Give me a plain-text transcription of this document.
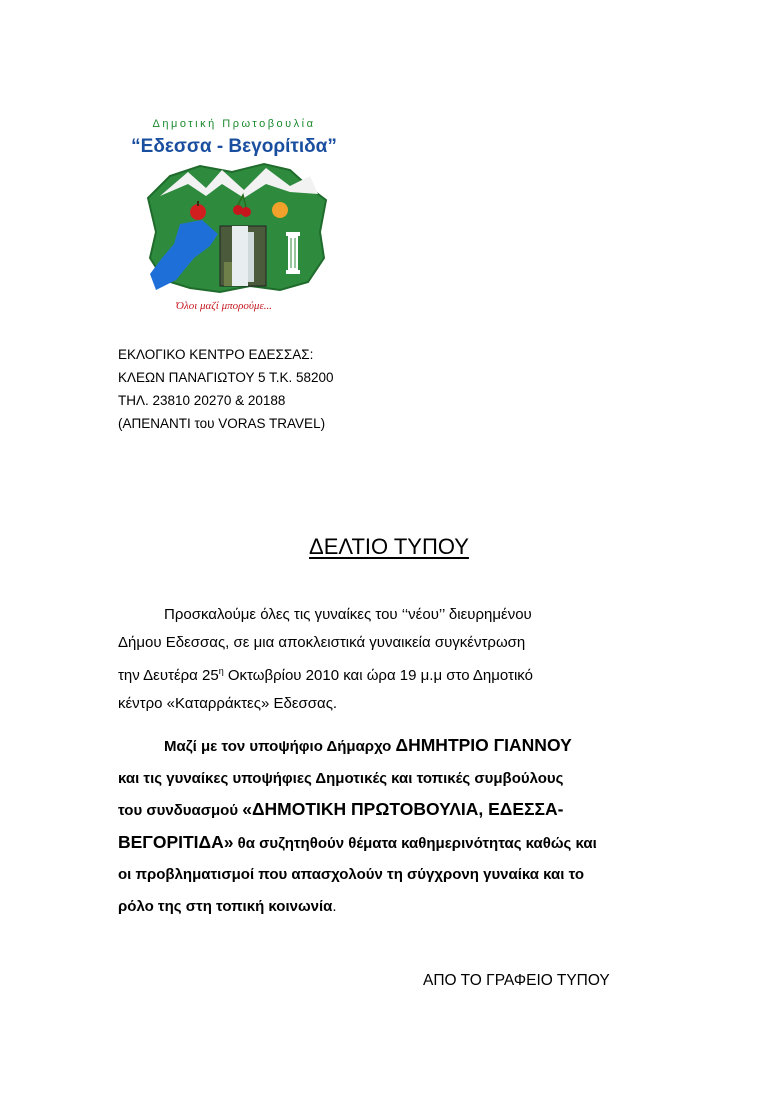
Δημοτική Πρωτοβουλία
“Εδεσσα - Βεγορίτιδα”
Όλοι μαζί μπορούμε...
ΕΚΛΟΓΙΚΟ ΚΕΝΤΡΟ ΕΔΕΣΣΑΣ:
ΚΛΕΩΝ ΠΑΝΑΓΙΩΤΟΥ 5 Τ.Κ. 58200
ΤΗΛ. 23810 20270 & 20188
(ΑΠΕΝΑΝΤΙ του VORAS TRAVEL)
ΔΕΛΤΙΟ ΤΥΠΟΥ
Προσκαλούμε όλες τις γυναίκες του ‘‘νέου’’ διευρημένου
Δήμου Εδεσσας, σε μια αποκλειστικά γυναικεία συγκέντρωση
την Δευτέρα $25^\eta$ Οκτωβρίου 2010 και ώρα 19 μ.μ στο Δημοτικό
κέντρο «Καταρράκτες» Εδεσσας.
Μαζί με τον υποψήφιο Δήμαρχο ΔΗΜΗΤΡΙΟ ΓΙΑΝΝΟΥ
και τις γυναίκες υποψήφιες Δημοτικές και τοπικές συμβούλους
του συνδυασμού «ΔΗΜΟΤΙΚΗ ΠΡΩΤΟΒΟΥΛΙΑ, ΕΔΕΣΣΑ-
ΒΕΓΟΡΙΤΙΔΑ» θα συζητηθούν θέματα καθημερινότητας καθώς και
οι προβληματισμοί που απασχολούν τη σύγχρονη γυναίκα και το
ρόλο της στη τοπική κοινωνία.
ΑΠΟ ΤΟ ΓΡΑΦΕΙΟ ΤΥΠΟΥ
